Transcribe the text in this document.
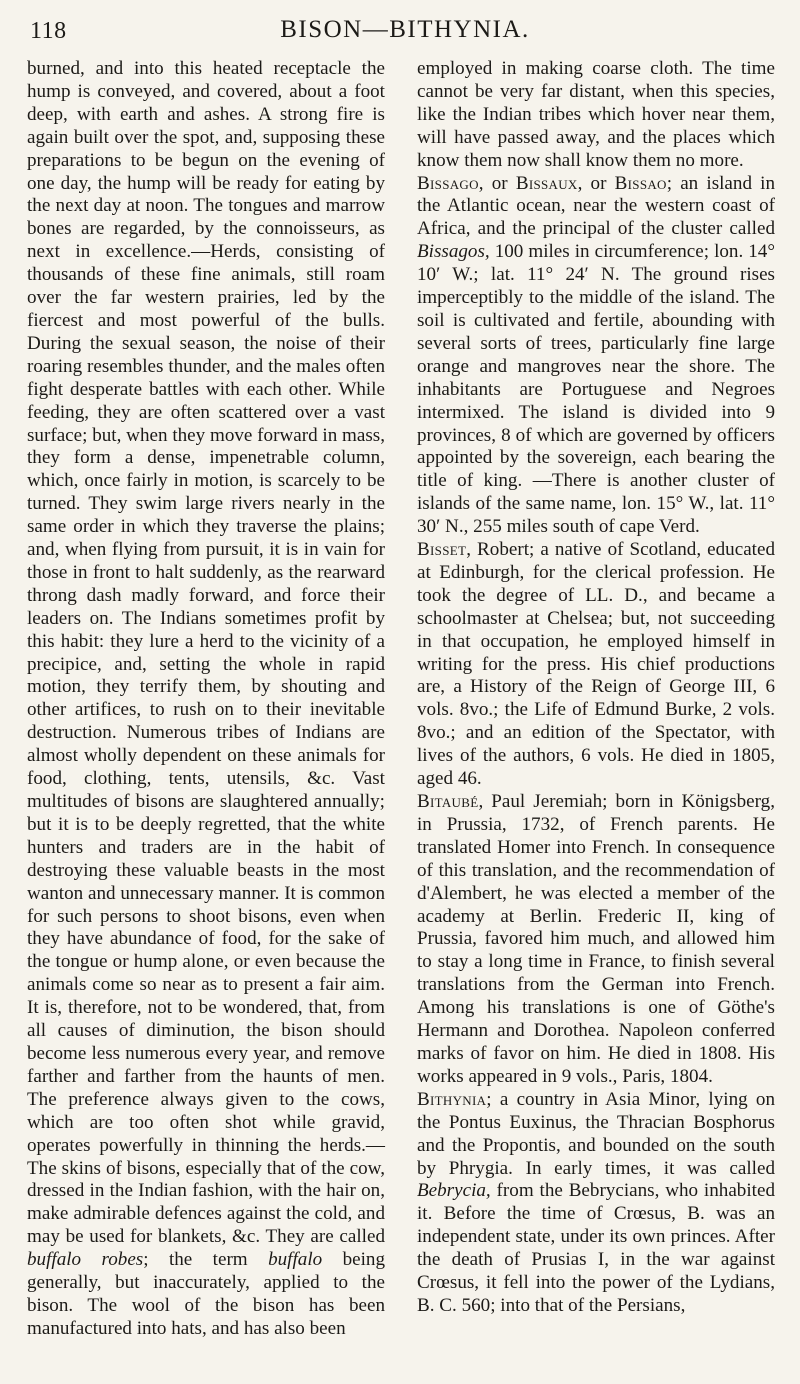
118	BISON—BITHYNIA.

burned, and into this heated receptacle the hump is conveyed, and covered, about a foot deep, with earth and ashes. A strong fire is again built over the spot, and, supposing these preparations to be begun on the evening of one day, the hump will be ready for eating by the next day at noon. The tongues and marrow bones are regarded, by the connoisseurs, as next in excellence.—Herds, consisting of thousands of these fine animals, still roam over the far western prairies, led by the fiercest and most powerful of the bulls. During the sexual season, the noise of their roaring resembles thunder, and the males often fight desperate battles with each other. While feeding, they are often scattered over a vast surface; but, when they move forward in mass, they form a dense, impenetrable column, which, once fairly in motion, is scarcely to be turned. They swim large rivers nearly in the same order in which they traverse the plains; and, when flying from pursuit, it is in vain for those in front to halt suddenly, as the rearward throng dash madly forward, and force their leaders on. The Indians sometimes profit by this habit: they lure a herd to the vicinity of a precipice, and, setting the whole in rapid motion, they terrify them, by shouting and other artifices, to rush on to their inevitable destruction. Numerous tribes of Indians are almost wholly dependent on these animals for food, clothing, tents, utensils, &c. Vast multitudes of bisons are slaughtered annually; but it is to be deeply regretted, that the white hunters and traders are in the habit of destroying these valuable beasts in the most wanton and unnecessary manner. It is common for such persons to shoot bisons, even when they have abundance of food, for the sake of the tongue or hump alone, or even because the animals come so near as to present a fair aim. It is, therefore, not to be wondered, that, from all causes of diminution, the bison should become less numerous every year, and remove farther and farther from the haunts of men. The preference always given to the cows, which are too often shot while gravid, operates powerfully in thinning the herds.—The skins of bisons, especially that of the cow, dressed in the Indian fashion, with the hair on, make admirable defences against the cold, and may be used for blankets, &c. They are called buffalo robes; the term buffalo being generally, but inaccurately, applied to the bison. The wool of the bison has been manufactured into hats, and has also been

employed in making coarse cloth. The time cannot be very far distant, when this species, like the Indian tribes which hover near them, will have passed away, and the places which know them now shall know them no more.

Bissago, or Bissaux, or Bissao; an island in the Atlantic ocean, near the western coast of Africa, and the principal of the cluster called Bissagos, 100 miles in circumference; lon. 14° 10′ W.; lat. 11° 24′ N. The ground rises imperceptibly to the middle of the island. The soil is cultivated and fertile, abounding with several sorts of trees, particularly fine large orange and mangroves near the shore. The inhabitants are Portuguese and Negroes intermixed. The island is divided into 9 provinces, 8 of which are governed by officers appointed by the sovereign, each bearing the title of king. —There is another cluster of islands of the same name, lon. 15° W., lat. 11° 30′ N., 255 miles south of cape Verd.

Bisset, Robert; a native of Scotland, educated at Edinburgh, for the clerical profession. He took the degree of LL. D., and became a schoolmaster at Chelsea; but, not succeeding in that occupation, he employed himself in writing for the press. His chief productions are, a History of the Reign of George III, 6 vols. 8vo.; the Life of Edmund Burke, 2 vols. 8vo.; and an edition of the Spectator, with lives of the authors, 6 vols. He died in 1805, aged 46.

Bitaubé, Paul Jeremiah; born in Königsberg, in Prussia, 1732, of French parents. He translated Homer into French. In consequence of this translation, and the recommendation of d'Alembert, he was elected a member of the academy at Berlin. Frederic II, king of Prussia, favored him much, and allowed him to stay a long time in France, to finish several translations from the German into French. Among his translations is one of Göthe's Hermann and Dorothea. Napoleon conferred marks of favor on him. He died in 1808. His works appeared in 9 vols., Paris, 1804.

Bithynia; a country in Asia Minor, lying on the Pontus Euxinus, the Thracian Bosphorus and the Propontis, and bounded on the south by Phrygia. In early times, it was called Bebrycia, from the Bebrycians, who inhabited it. Before the time of Crœsus, B. was an independent state, under its own princes. After the death of Prusias I, in the war against Crœsus, it fell into the power of the Lydians, B. C. 560; into that of the Persians,
